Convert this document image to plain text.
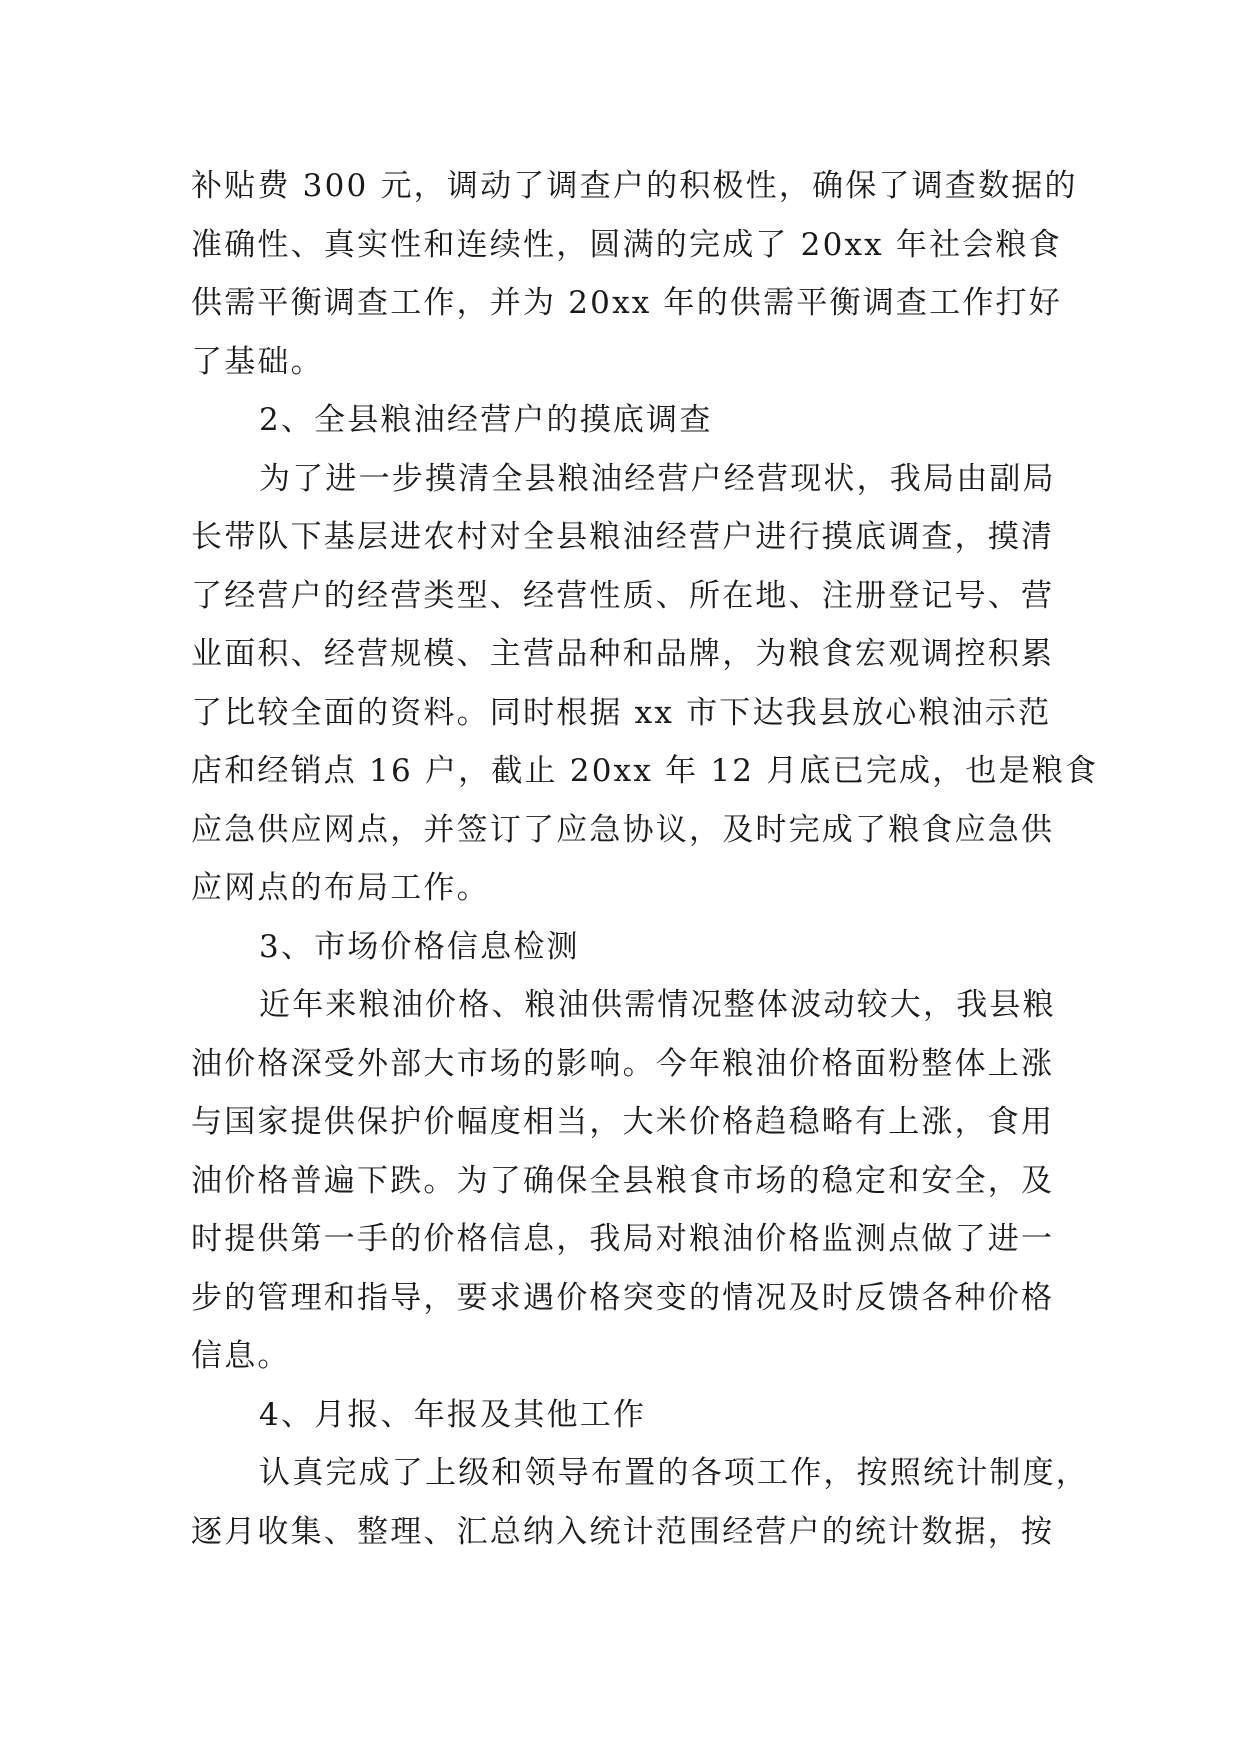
补贴费 300 元，调动了调查户的积极性，确保了调查数据的
准确性、真实性和连续性，圆满的完成了 20xx 年社会粮食
供需平衡调查工作，并为 20xx 年的供需平衡调查工作打好
了基础。
2、全县粮油经营户的摸底调查
为了进一步摸清全县粮油经营户经营现状，我局由副局
长带队下基层进农村对全县粮油经营户进行摸底调查，摸清
了经营户的经营类型、经营性质、所在地、注册登记号、营
业面积、经营规模、主营品种和品牌，为粮食宏观调控积累
了比较全面的资料。同时根据 xx 市下达我县放心粮油示范
店和经销点 16 户，截止 20xx 年 12 月底已完成，也是粮食
应急供应网点，并签订了应急协议，及时完成了粮食应急供
应网点的布局工作。
3、市场价格信息检测
近年来粮油价格、粮油供需情况整体波动较大，我县粮
油价格深受外部大市场的影响。今年粮油价格面粉整体上涨
与国家提供保护价幅度相当，大米价格趋稳略有上涨，食用
油价格普遍下跌。为了确保全县粮食市场的稳定和安全，及
时提供第一手的价格信息，我局对粮油价格监测点做了进一
步的管理和指导，要求遇价格突变的情况及时反馈各种价格
信息。
4、月报、年报及其他工作
认真完成了上级和领导布置的各项工作，按照统计制度，
逐月收集、整理、汇总纳入统计范围经营户的统计数据，按
